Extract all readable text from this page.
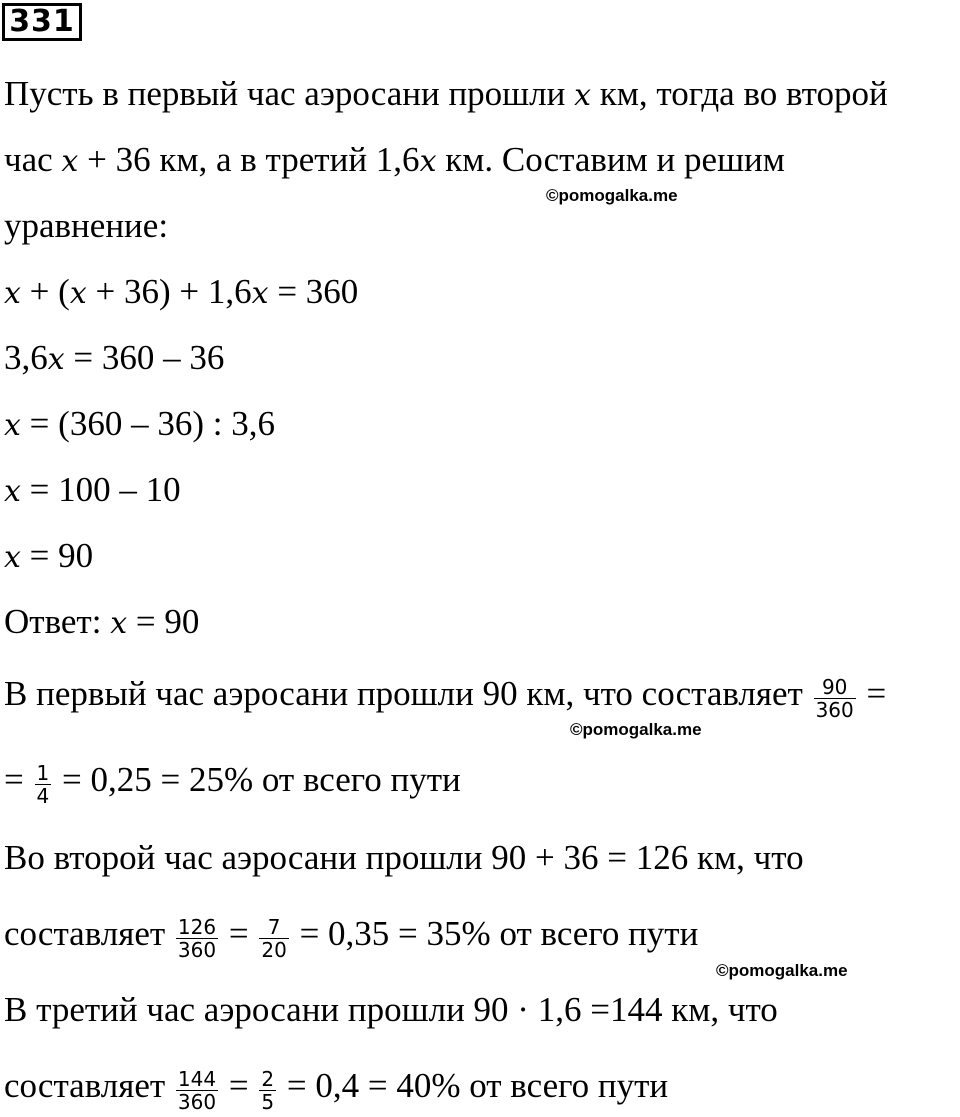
331
Пусть в первый час аэросани прошли x км, тогда во второй
час x + 36 км, а в третий 1,6x км. Составим и решим
©pomogalka.me
уравнение:
x + (x + 36) + 1,6x = 360
3,6x = 360 – 36
x = (360 – 36) : 3,6
x = 100 – 10
x = 90
Ответ: x = 90
В первый час аэросани прошли 90 км, что составляет $\frac{90}{360}$ =
©pomogalka.me
= $\frac{1}{4} = 0,25 = 25\%$ от всего пути
Во второй час аэросани прошли 90 + 36 = 126 км, что
составляет $\frac{126}{360} = \frac{7}{20} = 0,35 = 35\%$ от всего пути
©pomogalka.me
В третий час аэросани прошли 90 · 1,6 =144 км, что
составляет $\frac{144}{360} = \frac{2}{5} = 0,4 = 40\%$ от всего пути
